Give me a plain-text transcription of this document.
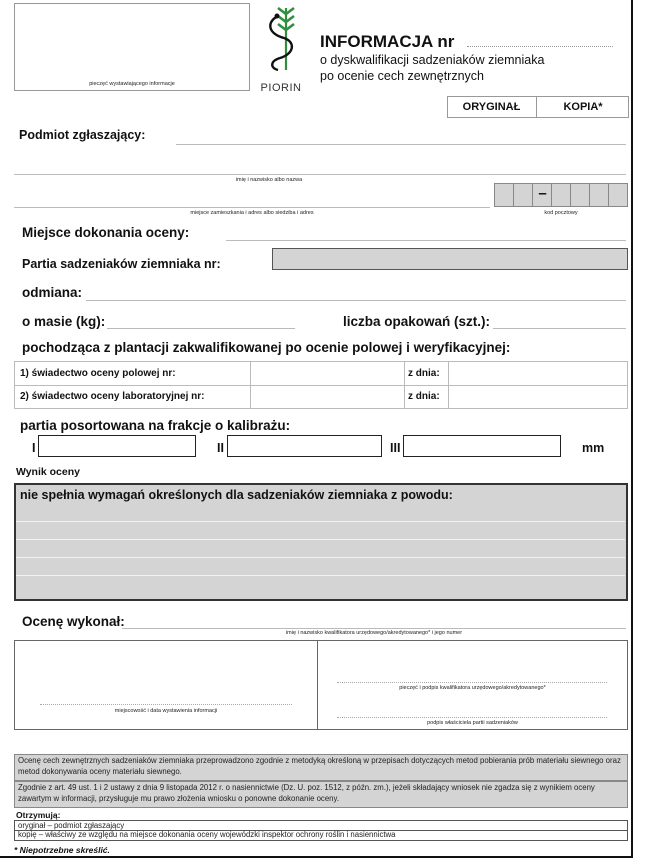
pieczęć wystawiającego informacje	PIORIN
INFORMACJA nr
o dyskwalifikacji sadzeniaków ziemniaka
po ocenie cech zewnętrznych
ORYGINAŁ	KOPIA*
Podmiot zgłaszający:
imię i nazwisko albo nazwa
miejsce zamieszkania i adres albo siedziba i adres
–
kod pocztowy
Miejsce dokonania oceny:
Partia sadzeniaków ziemniaka nr:
odmiana:
o masie (kg):	liczba opakowań (szt.):
pochodząca z plantacji zakwalifikowanej po ocenie polowej i weryfikacyjnej:
1) świadectwo oceny polowej nr:	z dnia:
2) świadectwo oceny laboratoryjnej nr:	z dnia:
partia posortowana na frakcje o kalibrażu:
I	II	III	mm
Wynik oceny
nie spełnia wymagań określonych dla sadzeniaków ziemniaka z powodu:
Ocenę wykonał:
imię i nazwisko kwalifikatora urzędowego/akredytowanego* i jego numer
miejscowość i data wystawienia informacji
pieczęć i podpis kwalifikatora urzędowego/akredytowanego*
podpis właściciela partii sadzeniaków
Ocenę cech zewnętrznych sadzeniaków ziemniaka przeprowadzono zgodnie z metodyką określoną w przepisach dotyczących metod pobierania prób materiału siewnego oraz metod dokonywania oceny materiału siewnego.
Zgodnie z art. 49 ust. 1 i 2 ustawy z dnia 9 listopada 2012 r. o nasiennictwie (Dz. U. poz. 1512, z późn. zm.), jeżeli składający wniosek nie zgadza się z wynikiem oceny zawartym w informacji, przysługuje mu prawo złożenia wniosku o ponowne dokonanie oceny.
Otrzymują:
oryginał – podmiot zgłaszający
kopię – właściwy ze względu na miejsce dokonania oceny wojewódzki inspektor ochrony roślin i nasiennictwa
* Niepotrzebne skreślić.
